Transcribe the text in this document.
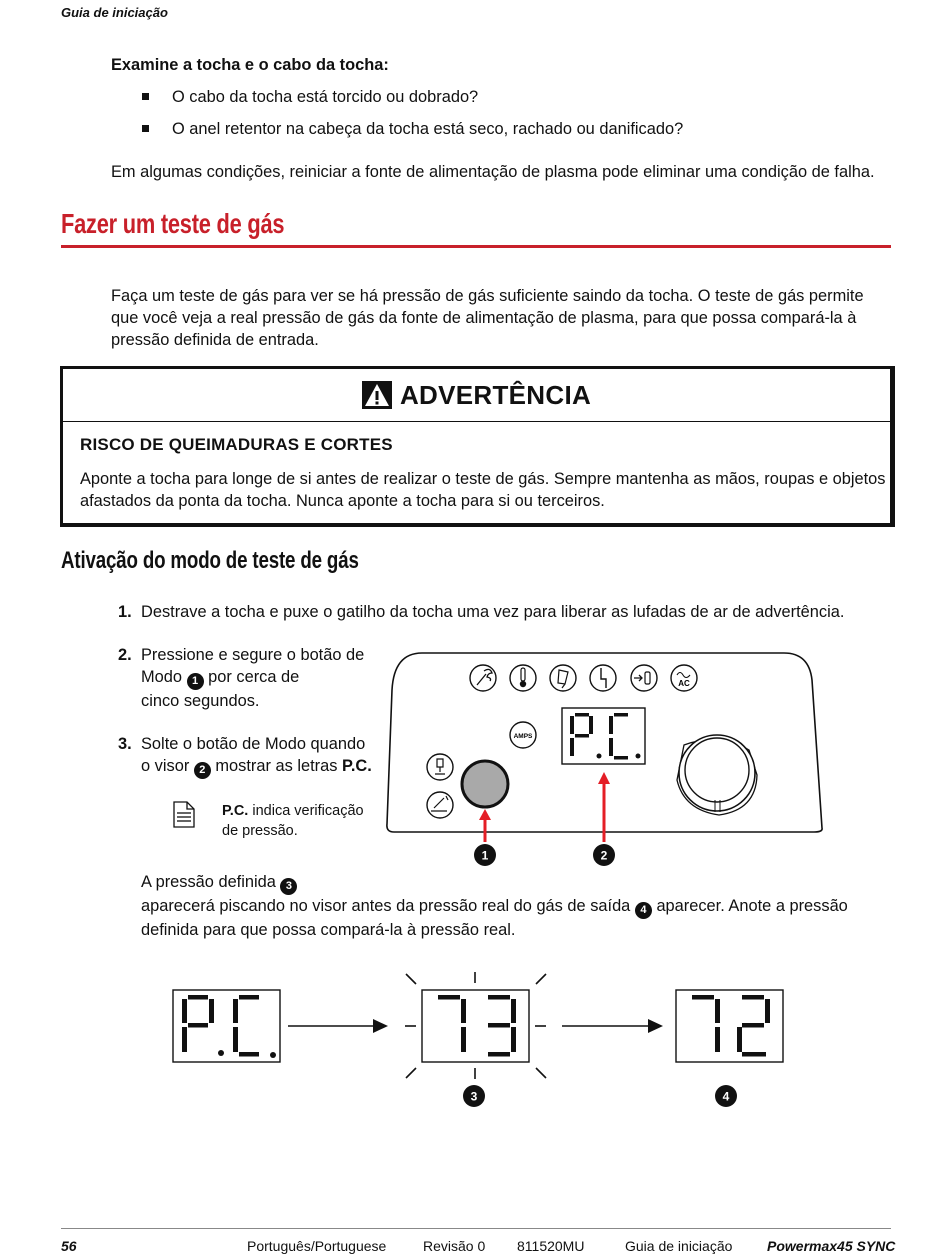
Guia de iniciação
Examine a tocha e o cabo da tocha:
O cabo da tocha está torcido ou dobrado?
O anel retentor na cabeça da tocha está seco, rachado ou danificado?
Em algumas condições, reiniciar a fonte de alimentação de plasma pode eliminar uma condição de falha.
Fazer um teste de gás
Faça um teste de gás para ver se há pressão de gás suficiente saindo da tocha. O teste de gás permite que você veja a real pressão de gás da fonte de alimentação de plasma, para que possa compará-la à pressão definida de entrada.
ADVERTÊNCIA
RISCO DE QUEIMADURAS E CORTES
Aponte a tocha para longe de si antes de realizar o teste de gás. Sempre mantenha as mãos, roupas e objetos afastados da ponta da tocha. Nunca aponte a tocha para si ou terceiros.
Ativação do modo de teste de gás
1. Destrave a tocha e puxe o gatilho da tocha uma vez para liberar as lufadas de ar de advertência.
2. Pressione e segure o botão de
Modo 1 por cerca de
cinco segundos.
3. Solte o botão de Modo quando
o visor 2 mostrar as letras P.C.
P.C. indica verificação
de pressão.
AC
AMPS
1	2
A pressão definida 3
aparecerá piscando no visor antes da pressão real do gás de saída 4 aparecer. Anote a pressão
definida para que possa compará-la à pressão real.
3	4
56	Português/Portuguese	Revisão 0 811520MU	Guia de iniciação Powermax45 SYNC
